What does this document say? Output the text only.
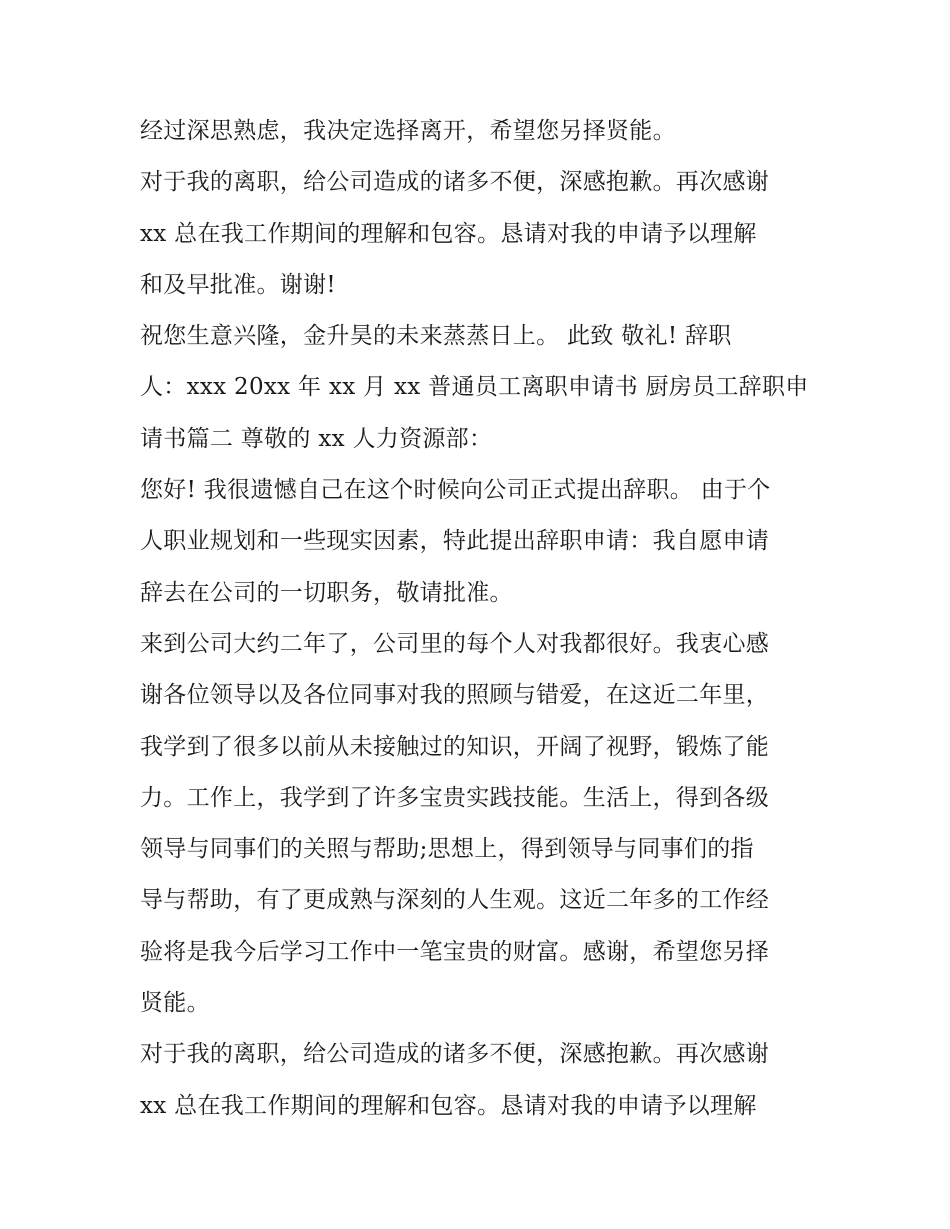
经过深思熟虑，我决定选择离开，希望您另择贤能。
对于我的离职，给公司造成的诸多不便，深感抱歉。再次感谢
xx 总在我工作期间的理解和包容。恳请对我的申请予以理解
和及早批准。谢谢!
祝您生意兴隆，金升昊的未来蒸蒸日上。 此致 敬礼! 辞职
人：xxx 20xx 年 xx 月 xx 普通员工离职申请书 厨房员工辞职申
请书篇二 尊敬的 xx 人力资源部：
您好! 我很遗憾自己在这个时候向公司正式提出辞职。 由于个
人职业规划和一些现实因素，特此提出辞职申请：我自愿申请
辞去在公司的一切职务，敬请批准。
来到公司大约二年了，公司里的每个人对我都很好。我衷心感
谢各位领导以及各位同事对我的照顾与错爱，在这近二年里，
我学到了很多以前从未接触过的知识，开阔了视野，锻炼了能
力。工作上，我学到了许多宝贵实践技能。生活上，得到各级
领导与同事们的关照与帮助;思想上，得到领导与同事们的指
导与帮助，有了更成熟与深刻的人生观。这近二年多的工作经
验将是我今后学习工作中一笔宝贵的财富。感谢，希望您另择
贤能。
对于我的离职，给公司造成的诸多不便，深感抱歉。再次感谢
xx 总在我工作期间的理解和包容。恳请对我的申请予以理解
